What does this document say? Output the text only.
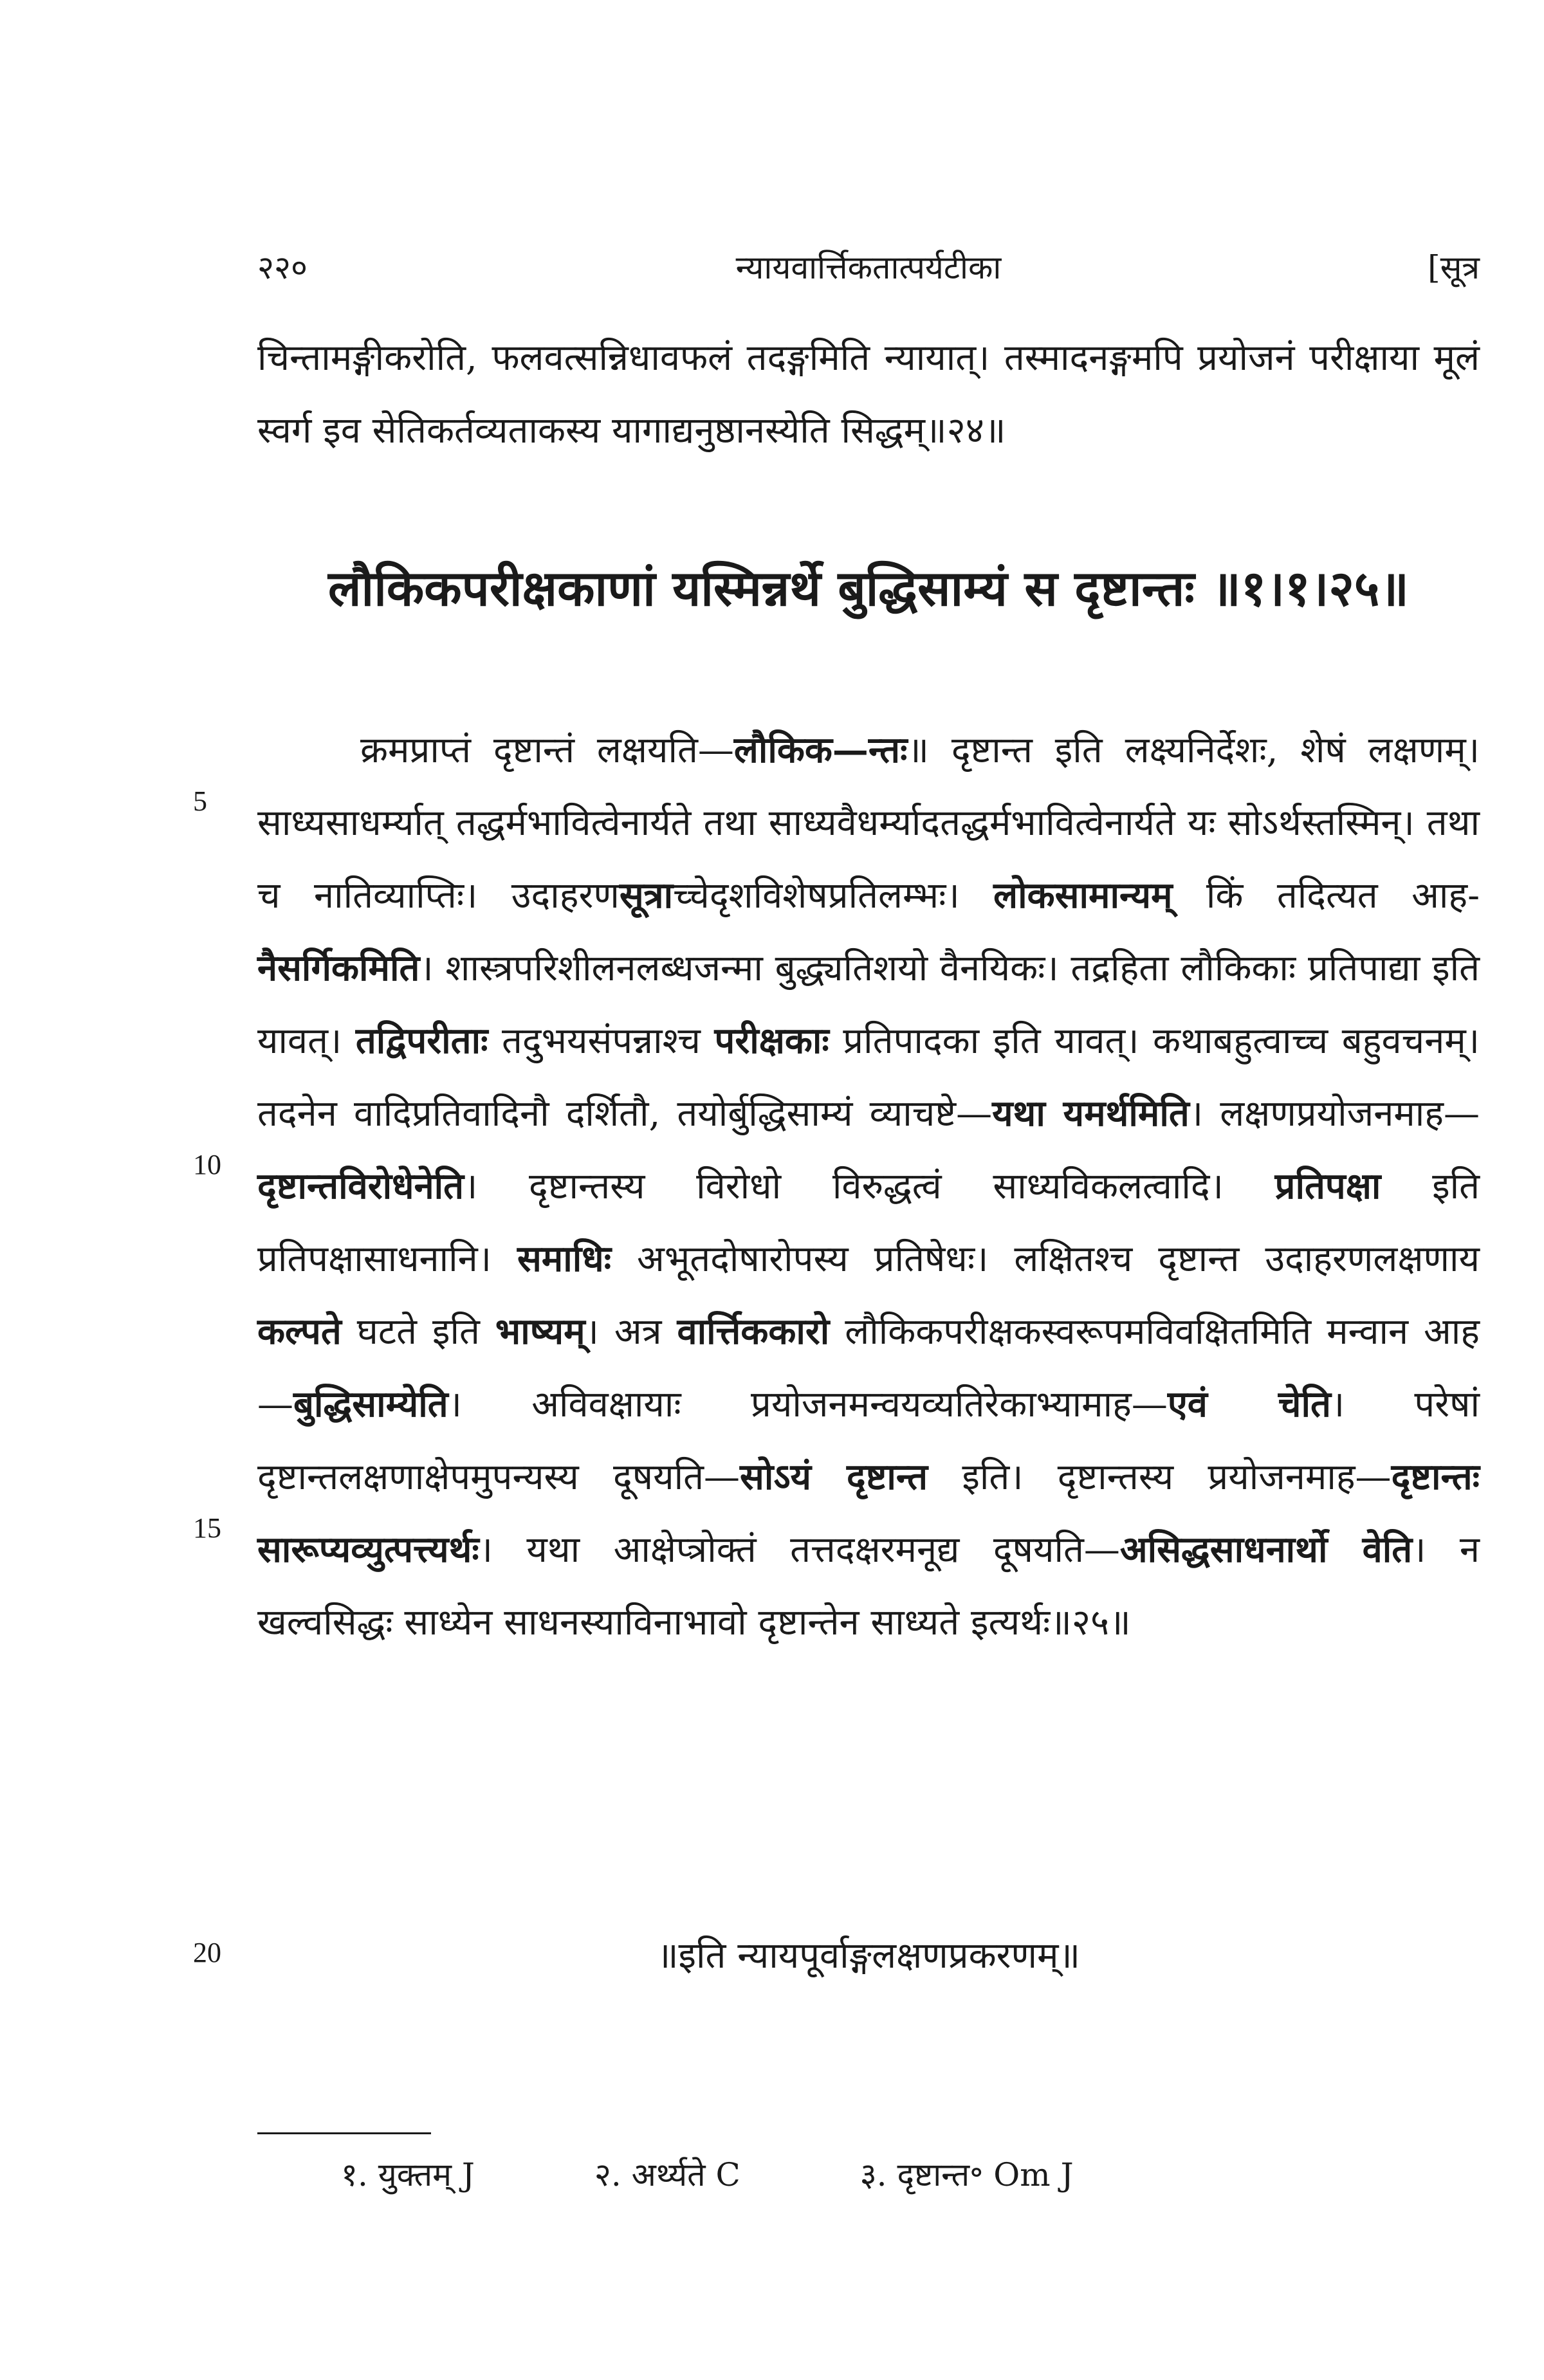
२२०	न्यायवार्त्तिकतात्पर्यटीका	[सूत्र
चिन्तामङ्गीकरोति, फलवत्सन्निधावफलं तदङ्गमिति न्यायात्। तस्मादनङ्गमपि प्रयोजनं परीक्षाया मूलं स्वर्ग इव सेतिकर्तव्यताकस्य यागाद्यनुष्ठानस्येति सिद्धम्॥२४॥
लौकिकपरीक्षकाणां यस्मिन्नर्थे बुद्धिसाम्यं स दृष्टान्तः ॥१।१।२५॥

क्रमप्राप्तं दृष्टान्तं लक्षयति—लौकिक—न्तः॥ दृष्टान्त इति लक्ष्यनिर्देशः, शेषं लक्षणम्। साध्यसाधर्म्यात् तद्धर्मभावित्वेनार्यते तथा साध्यवैधर्म्यादतद्धर्मभावित्वेनार्यते यः सोऽर्थस्तस्मिन्। तथा च नातिव्याप्तिः। उदाहरणसूत्राच्चेदृशविशेषप्रतिलम्भः। लोकसामान्यम् किं तदित्यत आह-नैसर्गिकमिति। शास्त्रपरिशीलनलब्धजन्मा बुद्ध्यतिशयो वैनयिकः। तद्रहिता लौकिकाः प्रतिपाद्या इति यावत्। तद्विपरीताः तदुभयसंपन्नाश्च परीक्षकाः प्रतिपादका इति यावत्। कथाबहुत्वाच्च बहुवचनम्। तदनेन वादिप्रतिवादिनौ दर्शितौ, तयोर्बुद्धिसाम्यं व्याचष्टे—यथा यमर्थमिति। लक्षणप्रयोजनमाह—दृष्टान्तविरोधेनेति। दृष्टान्तस्य विरोधो विरुद्धत्वं साध्यविकलत्वादि। प्रतिपक्षा इति प्रतिपक्षासाधनानि। समाधिः अभूतदोषारोपस्य प्रतिषेधः। लक्षितश्च दृष्टान्त उदाहरणलक्षणाय कल्पते घटते इति भाष्यम्। अत्र वार्त्तिककारो लौकिकपरीक्षकस्वरूपमविवक्षितमिति मन्वान आह—बुद्धिसाम्येति। अविवक्षायाः प्रयोजनमन्वयव्यतिरेकाभ्यामाह—एवं चेति। परेषां दृष्टान्तलक्षणाक्षेपमुपन्यस्य दूषयति—सोऽयं दृष्टान्त इति। दृष्टान्तस्य प्रयोजनमाह—दृष्टान्तः सारूप्यव्युत्पत्त्यर्थः। यथा आक्षेप्त्रोक्तं तत्तदक्षरमनूद्य दूषयति—असिद्धसाधनार्थो वेति। न खल्वसिद्धः साध्येन साधनस्याविनाभावो दृष्टान्तेन साध्यते इत्यर्थः॥२५॥

5
10
15
20	॥इति न्यायपूर्वाङ्गलक्षणप्रकरणम्॥
१. युक्तम् J	२. अर्थ्यते C	३. दृष्टान्त॰ Om J
